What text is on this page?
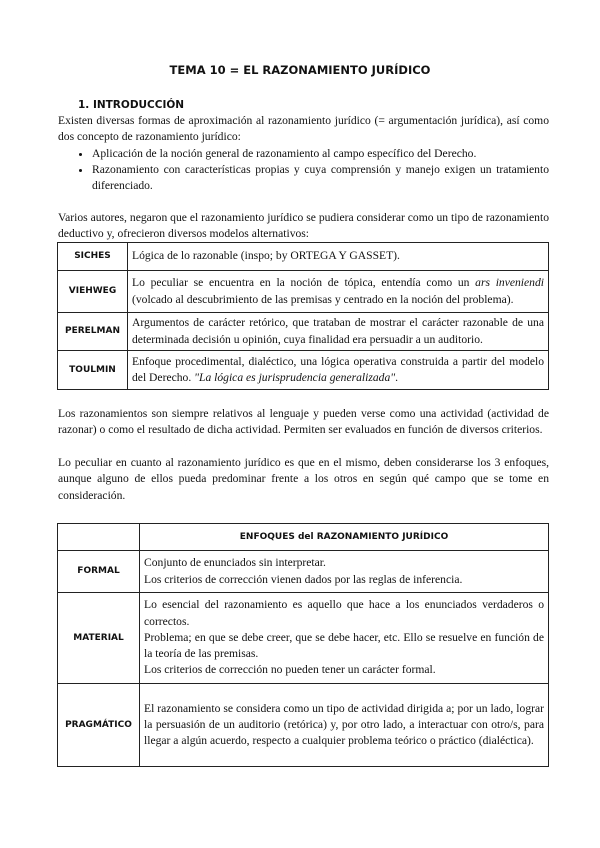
TEMA 10 = EL RAZONAMIENTO JURÍDICO
1. INTRODUCCIÓN

Existen diversas formas de aproximación al razonamiento jurídico (= argumentación jurídica), así como dos concepto de razonamiento jurídico:

• Aplicación de la noción general de razonamiento al campo específico del Derecho.
• Razonamiento con características propias y cuya comprensión y manejo exigen un tratamiento diferenciado.
Varios autores, negaron que el razonamiento jurídico se pudiera considerar como un tipo de razonamiento deductivo y, ofrecieron diversos modelos alternativos:
SICHES	Lógica de lo razonable (inspo; by ORTEGA Y GASSET).
VIEHWEG	Lo peculiar se encuentra en la noción de tópica, entendía como un ars inveniendi (volcado al descubrimiento de las premisas y centrado en la noción del problema).
PERELMAN	Argumentos de carácter retórico, que trataban de mostrar el carácter razonable de una determinada decisión u opinión, cuya finalidad era persuadir a un auditorio.
TOULMIN	Enfoque procedimental, dialéctico, una lógica operativa construida a partir del modelo del Derecho. "La lógica es jurisprudencia generalizada".
Los razonamientos son siempre relativos al lenguaje y pueden verse como una actividad (actividad de razonar) o como el resultado de dicha actividad. Permiten ser evaluados en función de diversos criterios.
Lo peculiar en cuanto al razonamiento jurídico es que en el mismo, deben considerarse los 3 enfoques, aunque alguno de ellos pueda predominar frente a los otros en según qué campo que se tome en consideración.
	ENFOQUES del RAZONAMIENTO JURÍDICO
FORMAL	Conjunto de enunciados sin interpretar.

Los criterios de corrección vienen dados por las reglas de inferencia.

MATERIAL	Lo esencial del razonamiento es aquello que hace a los enunciados verdaderos o correctos.

Problema; en que se debe creer, que se debe hacer, etc. Ello se resuelve en función de la teoría de las premisas.

Los criterios de corrección no pueden tener un carácter formal.

PRAGMÁTICO	El razonamiento se considera como un tipo de actividad dirigida a; por un lado, lograr la persuasión de un auditorio (retórica) y, por otro lado, a interactuar con otro/s, para llegar a algún acuerdo, respecto a cualquier problema teórico o práctico (dialéctica).
